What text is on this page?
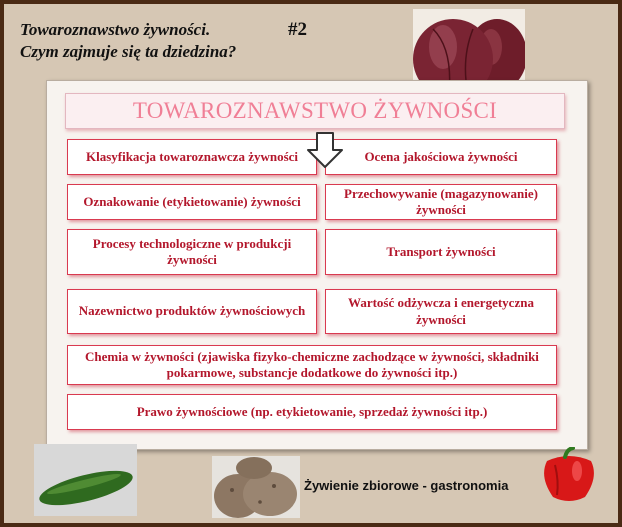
Towaroznawstwo żywności.
Czym zajmuje się ta dziedzina?
#2
TOWAROZNAWSTWO ŻYWNOŚCI
Klasyfikacja towaroznawcza żywności	Ocena jakościowa żywności
Oznakowanie (etykietowanie) żywności
Przechowywanie (magazynowanie) żywności
Procesy technologiczne w produkcji żywności
Transport żywności
Nazewnictwo produktów żywnościowych
Wartość odżywcza i energetyczna żywności
Chemia w żywności (zjawiska fizyko-chemiczne zachodzące w żywności, składniki pokarmowe, substancje dodatkowe do żywności itp.)
Prawo żywnościowe (np. etykietowanie, sprzedaż żywności itp.)
Żywienie zbiorowe - gastronomia
